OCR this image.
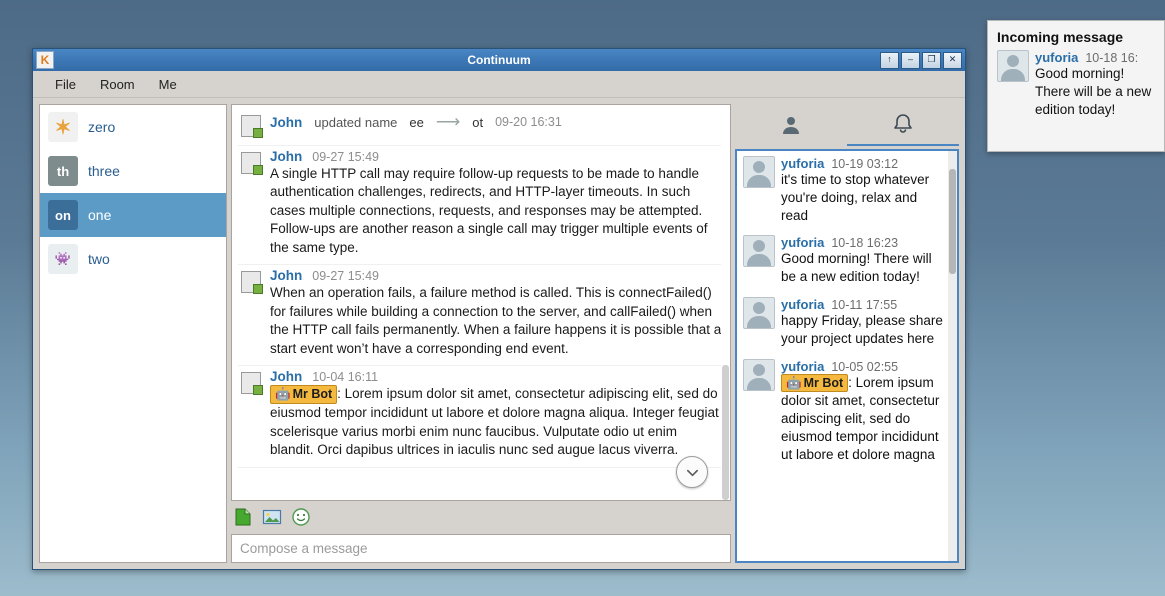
K	Continuum	↑	–	❐	✕
File	Room	Me
✶	zero
th	three
on	one
👾	two
John updated name ee ⟶ ot 09-20 16:31
John 09-27 15:49
A single HTTP call may require follow-up requests to be made to handle authentication challenges, redirects, and HTTP-layer timeouts. In such cases multiple connections, requests, and responses may be attempted. Follow-ups are another reason a single call may trigger multiple events of the same type.
John 09-27 15:49
When an operation fails, a failure method is called. This is connectFailed() for failures while building a connection to the server, and callFailed() when the HTTP call fails permanently. When a failure happens it is possible that a start event won’t have a corresponding end event.
John 10-04 16:11
🤖 Mr Bot : Lorem ipsum dolor sit amet, consectetur adipiscing elit, sed do eiusmod tempor incididunt ut labore et dolore magna aliqua. Integer feugiat scelerisque varius morbi enim nunc faucibus. Vulputate odio ut enim blandit. Orci dapibus ultrices in iaculis nunc sed augue lacus viverra.
Compose a message
yuforia 10-19 03:12
it's time to stop whatever you're doing, relax and read
yuforia 10-18 16:23
Good morning! There will be a new edition today!
yuforia 10-11 17:55
happy Friday, please share your project updates here
yuforia 10-05 02:55
🤖 Mr Bot : Lorem ipsum dolor sit amet, consectetur adipiscing elit, sed do eiusmod tempor incididunt ut labore et dolore magna
Incoming message
yuforia 10-18 16:
Good morning! There will be a new edition today!
